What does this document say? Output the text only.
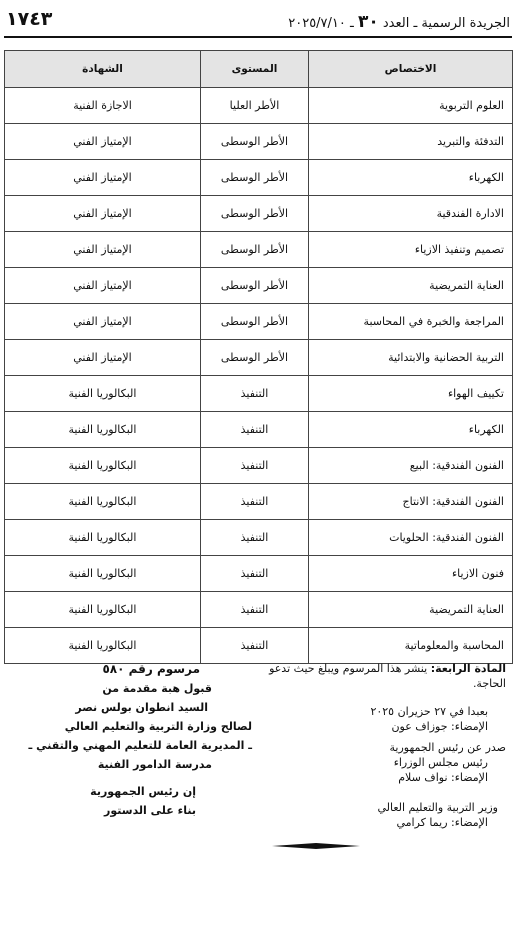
الجريدة الرسمية ـ العدد ٣٠ ـ ٢٠٢٥/٧/١٠
١٧٤٣
الاختصاص	المستوى	الشهادة
العلوم التربوية	الأطر العليا	الاجازة الفنية
التدفئة والتبريد	الأطر الوسطى	الإمتياز الفني
الكهرباء	الأطر الوسطى	الإمتياز الفني
الادارة الفندقية	الأطر الوسطى	الإمتياز الفني
تصميم وتنفيذ الازياء	الأطر الوسطى	الإمتياز الفني
العناية التمريضية	الأطر الوسطى	الإمتياز الفني
المراجعة والخبرة في المحاسبة	الأطر الوسطى	الإمتياز الفني
التربية الحضانية والابتدائية	الأطر الوسطى	الإمتياز الفني
تكييف الهواء	التنفيذ	البكالوريا الفنية
الكهرباء	التنفيذ	البكالوريا الفنية
الفنون الفندقية: البيع	التنفيذ	البكالوريا الفنية
الفنون الفندقية: الانتاج	التنفيذ	البكالوريا الفنية
الفنون الفندقية: الحلويات	التنفيذ	البكالوريا الفنية
فنون الازياء	التنفيذ	البكالوريا الفنية
العناية التمريضية	التنفيذ	البكالوريا الفنية
المحاسبة والمعلوماتية	التنفيذ	البكالوريا الفنية
المادة الرابعة: ينشر هذا المرسوم ويبلغ حيث تدعو الحاجة.
بعبدا في ٢٧ حزيران ٢٠٢٥
الإمضاء: جوزاف عون
صدر عن رئيس الجمهورية
رئيس مجلس الوزراء
الإمضاء: نواف سلام
وزير التربية والتعليم العالي
الإمضاء: ريما كرامي
مرسوم رقم ٥٨٠
قبول هبة مقدمة من
السيد انطوان بولس نصر
لصالح وزارة التربية والتعليم العالي
ـ المديرية العامة للتعليم المهني والتقني ـ
مدرسة الدامور الفنية
إن رئيس الجمهورية
بناء على الدستور
